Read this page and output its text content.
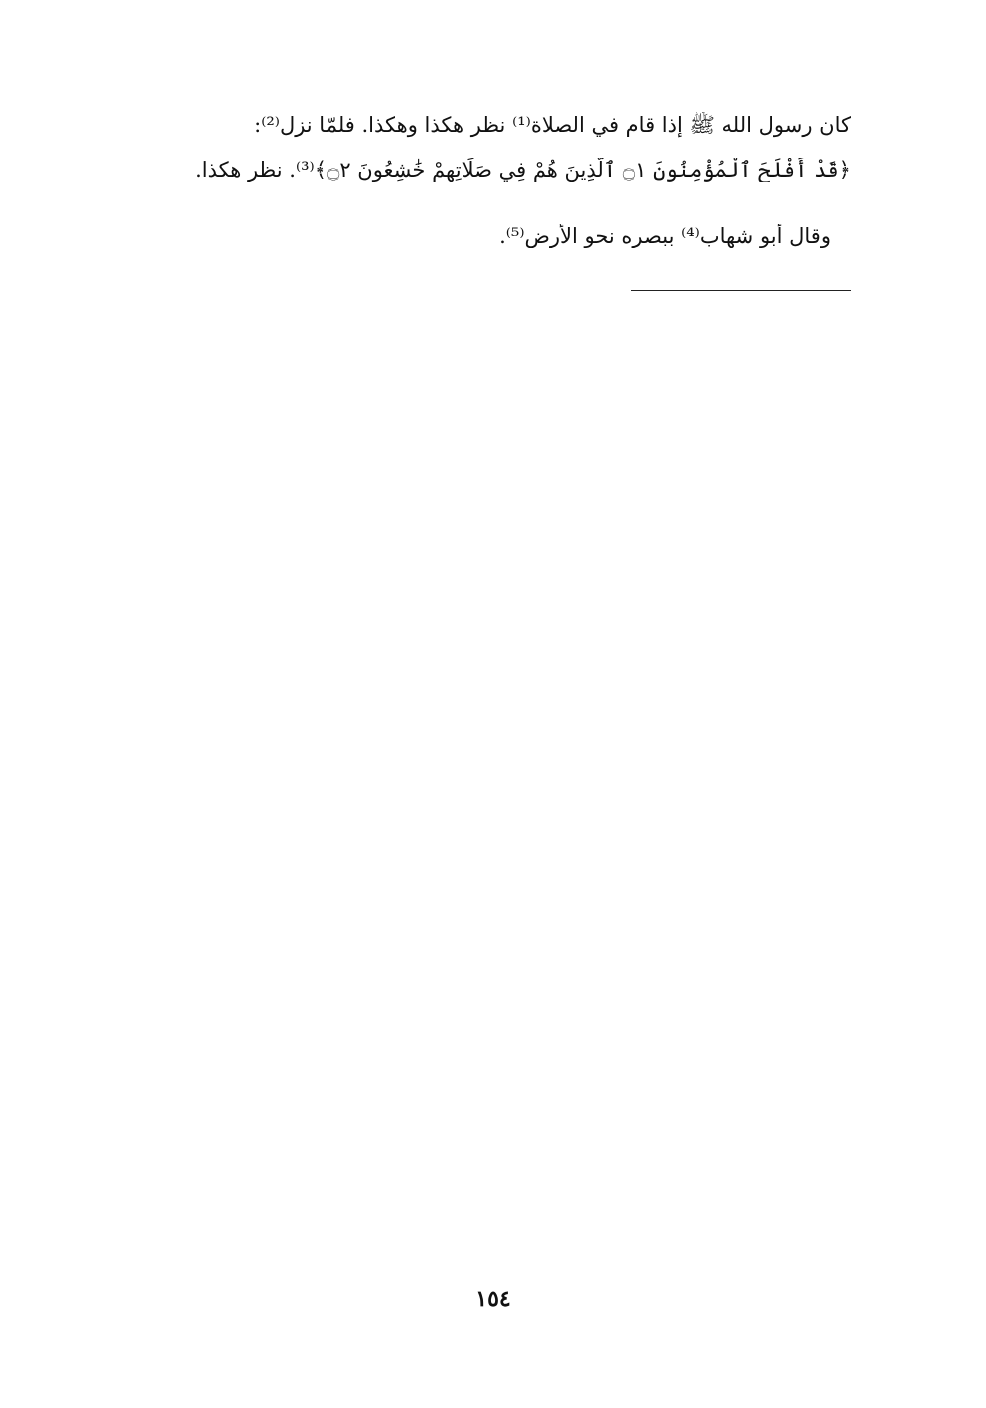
كان رسول الله ﷺ إذا قام في الصلاة⁽¹⁾ نظر هكذا وهكذا. فلمّا نزل⁽²⁾:
﴿قَدْ أَفْلَحَ ٱلْمُؤْمِنُونَ ۝١ ٱلَّذِينَ هُمْ فِي صَلَاتِهِمْ خَٰشِعُونَ ۝٢﴾⁽³⁾. نظر هكذا.
وقال أبو شهاب⁽⁴⁾ ببصره نحو الأرض⁽⁵⁾.
١٥٤
